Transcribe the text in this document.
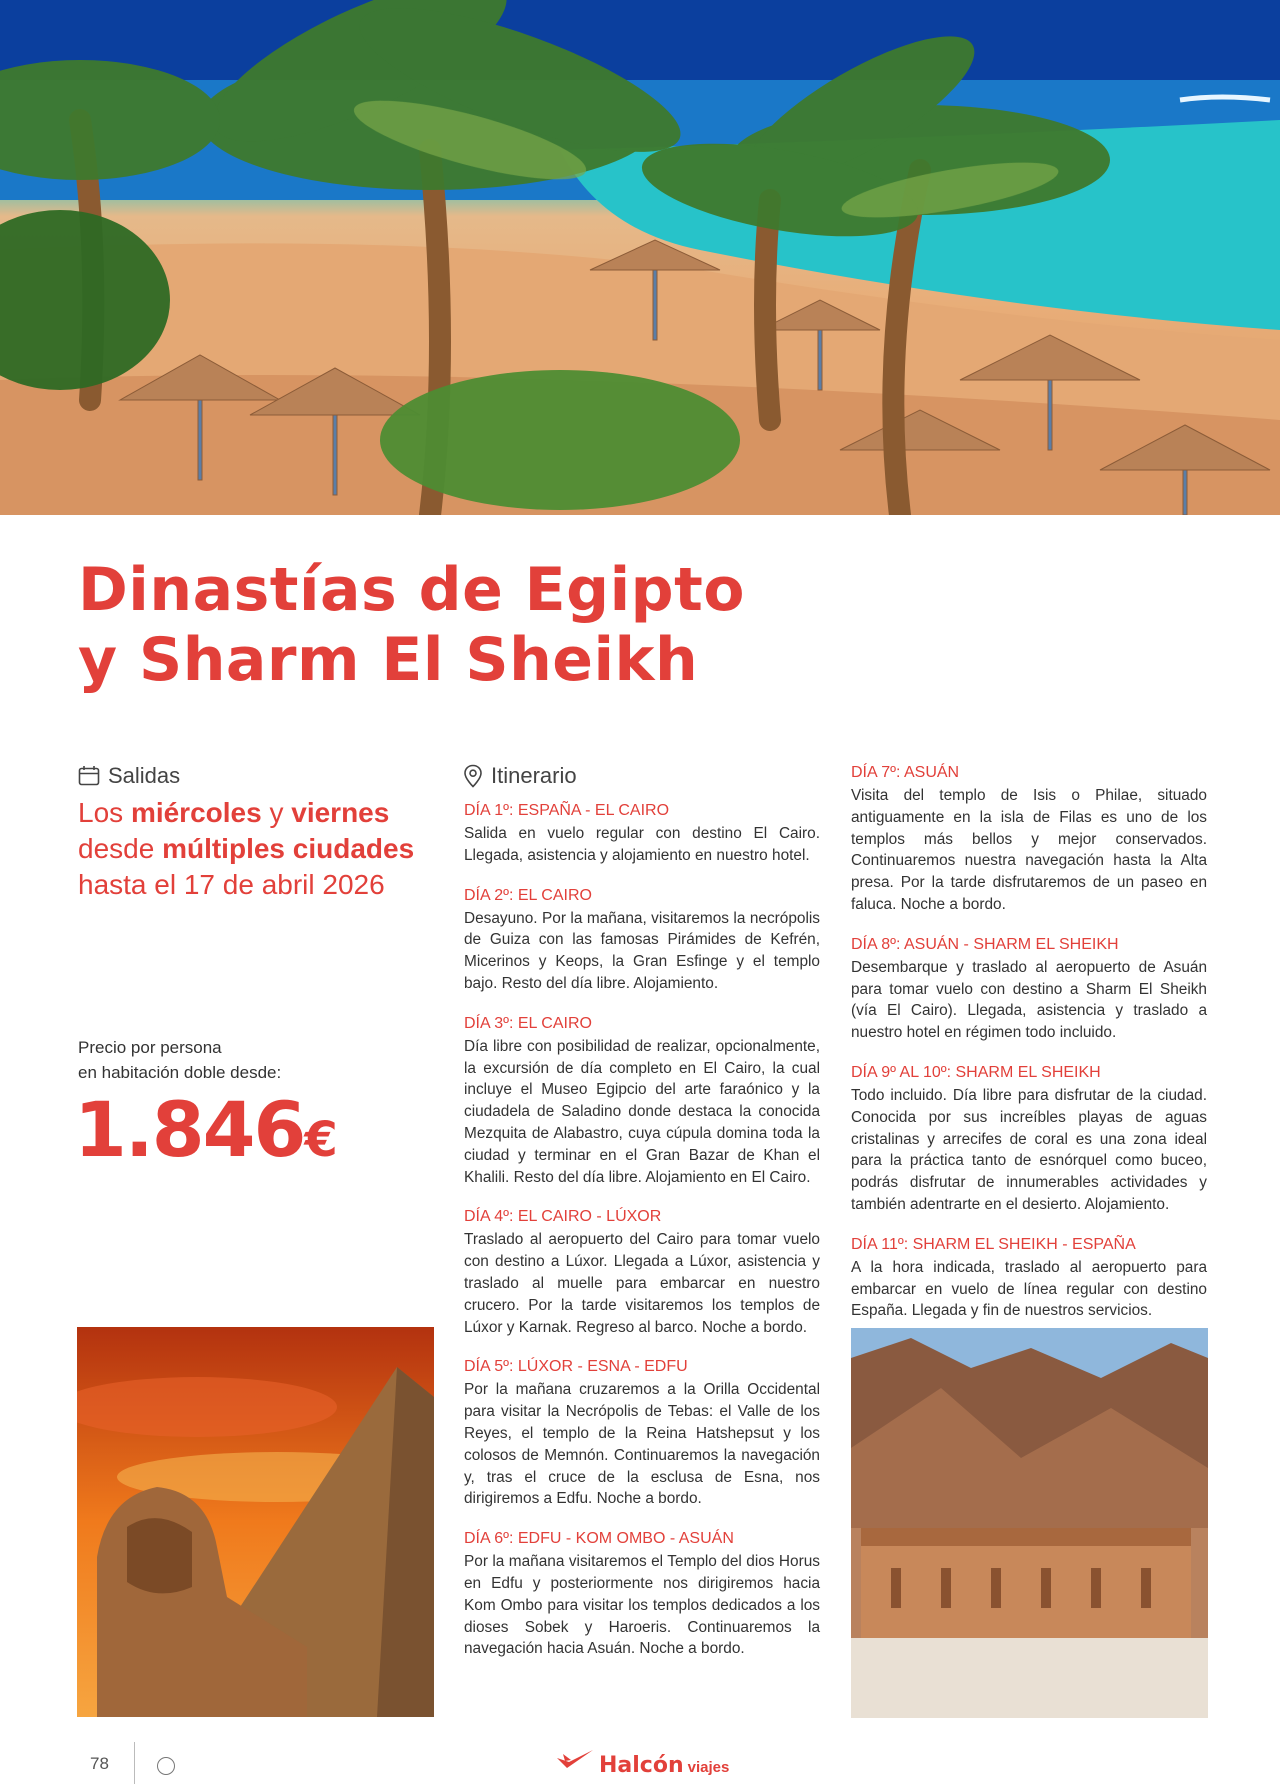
Dinastías de Egipto
y Sharm El Sheikh
Salidas

Los miércoles y viernes desde múltiples ciudades hasta el 17 de abril 2026

Precio por persona
en habitación doble desde:
1.846€
Itinerario

DÍA 1º: ESPAÑA - EL CAIRO

Salida en vuelo regular con destino El Cairo. Llegada, asistencia y alojamiento en nuestro hotel.

DÍA 2º: EL CAIRO

Desayuno. Por la mañana, visitaremos la necrópolis de Guiza con las famosas Pirámides de Kefrén, Micerinos y Keops, la Gran Esfinge y el templo bajo. Resto del día libre. Alojamiento.

DÍA 3º: EL CAIRO

Día libre con posibilidad de realizar, opcionalmente, la excursión de día completo en El Cairo, la cual incluye el Museo Egipcio del arte faraónico y la ciudadela de Saladino donde destaca la conocida Mezquita de Alabastro, cuya cúpula domina toda la ciudad y terminar en el Gran Bazar de Khan el Khalili. Resto del día libre. Alojamiento en El Cairo.

DÍA 4º: EL CAIRO - LÚXOR

Traslado al aeropuerto del Cairo para tomar vuelo con destino a Lúxor. Llegada a Lúxor, asistencia y traslado al muelle para embarcar en nuestro crucero. Por la tarde visitaremos los templos de Lúxor y Karnak. Regreso al barco. Noche a bordo.

DÍA 5º: LÚXOR - ESNA - EDFU

Por la mañana cruzaremos a la Orilla Occidental para visitar la Necrópolis de Tebas: el Valle de los Reyes, el templo de la Reina Hatshepsut y los colosos de Memnón. Continuaremos la navegación y, tras el cruce de la esclusa de Esna, nos dirigiremos a Edfu. Noche a bordo.

DÍA 6º: EDFU - KOM OMBO - ASUÁN

Por la mañana visitaremos el Templo del dios Horus en Edfu y posteriormente nos dirigiremos hacia Kom Ombo para visitar los templos dedicados a los dioses Sobek y Haroeris. Continuaremos la navegación hacia Asuán. Noche a bordo.

DÍA 7º: ASUÁN

Visita del templo de Isis o Philae, situado antiguamente en la isla de Filas es uno de los templos más bellos y mejor conservados. Continuaremos nuestra navegación hasta la Alta presa. Por la tarde disfrutaremos de un paseo en faluca. Noche a bordo.

DÍA 8º: ASUÁN - SHARM EL SHEIKH

Desembarque y traslado al aeropuerto de Asuán para tomar vuelo con destino a Sharm El Sheikh (vía El Cairo). Llegada, asistencia y traslado a nuestro hotel en régimen todo incluido.

DÍA 9º AL 10º: SHARM EL SHEIKH

Todo incluido. Día libre para disfrutar de la ciudad. Conocida por sus increíbles playas de aguas cristalinas y arrecifes de coral es una zona ideal para la práctica tanto de esnórquel como buceo, podrás disfrutar de innumerables actividades y también adentrarte en el desierto. Alojamiento.

DÍA 11º: SHARM EL SHEIKH - ESPAÑA

A la hora indicada, traslado al aeropuerto para embarcar en vuelo de línea regular con destino España. Llegada y fin de nuestros servicios.

78	Halcón viajes
